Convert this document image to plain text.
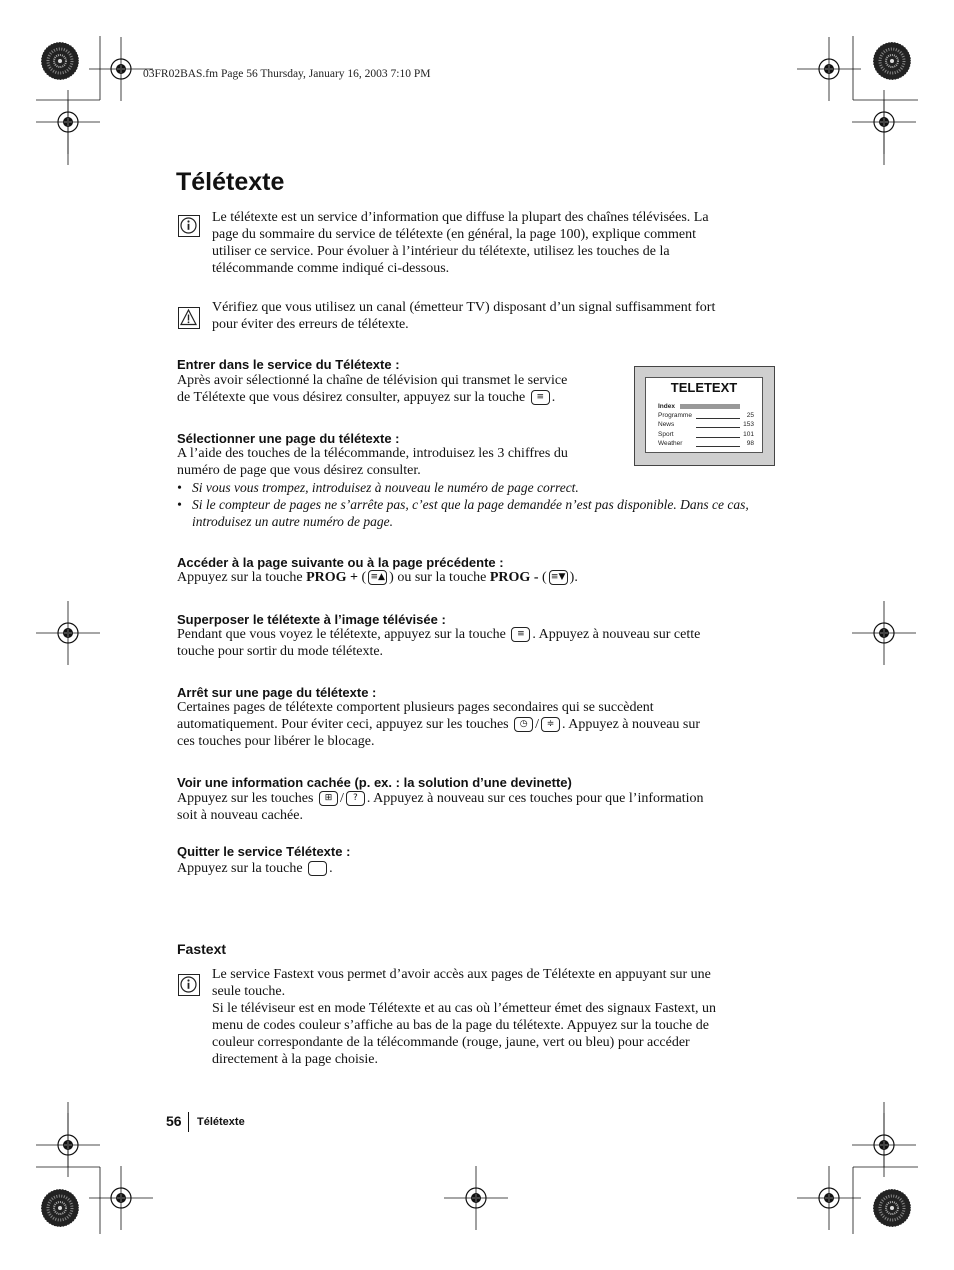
03FR02BAS.fm Page 56 Thursday, January 16, 2003 7:10 PM
Télétexte
Le télétexte est un service d’information que diffuse la plupart des chaînes télévisées. La
page du sommaire du service de télétexte (en général, la page 100), explique comment
utiliser ce service. Pour évoluer à l’intérieur du télétexte, utilisez les touches de la
télécommande comme indiqué ci-dessous.
Vérifiez que vous utilisez un canal (émetteur TV) disposant d’un signal suffisamment fort
pour éviter des erreurs de télétexte.
Entrer dans le service du Télétexte :
Après avoir sélectionné la chaîne de télévision qui transmet le service
de Télétexte que vous désirez consulter, appuyez sur la touche ≡ .
TELETEXT
Index
Programme	25
News	153
Sport	101
Weather	98
Sélectionner une page du télétexte :
A l’aide des touches de la télécommande, introduisez les 3 chiffres du
numéro de page que vous désirez consulter.
• Si vous vous trompez, introduisez à nouveau le numéro de page correct.
• Si le compteur de pages ne s’arrête pas, c’est que la page demandée n’est pas disponible. Dans ce cas,
introduisez un autre numéro de page.
Accéder à la page suivante ou à la page précédente :
Appuyez sur la touche PROG + ( ≡▲ ) ou sur la touche PROG - ( ≡▼ ).
Superposer le télétexte à l’image télévisée :
Pendant que vous voyez le télétexte, appuyez sur la touche ≡ . Appuyez à nouveau sur cette
touche pour sortir du mode télétexte.
Arrêt sur une page du télétexte :
Certaines pages de télétexte comportent plusieurs pages secondaires qui se succèdent
automatiquement. Pour éviter ceci, appuyez sur les touches ◷ / ≑ . Appuyez à nouveau sur
ces touches pour libérer le blocage.
Voir une information cachée (p. ex. : la solution d’une devinette)
Appuyez sur les touches ⊞ / ? . Appuyez à nouveau sur ces touches pour que l’information
soit à nouveau cachée.
Quitter le service Télétexte :
Appuyez sur la touche .
Fastext
Le service Fastext vous permet d’avoir accès aux pages de Télétexte en appuyant sur une
seule touche.
Si le téléviseur est en mode Télétexte et au cas où l’émetteur émet des signaux Fastext, un
menu de codes couleur s’affiche au bas de la page du télétexte. Appuyez sur la touche de
couleur correspondante de la télécommande (rouge, jaune, vert ou bleu) pour accéder
directement à la page choisie.
56 Télétexte
